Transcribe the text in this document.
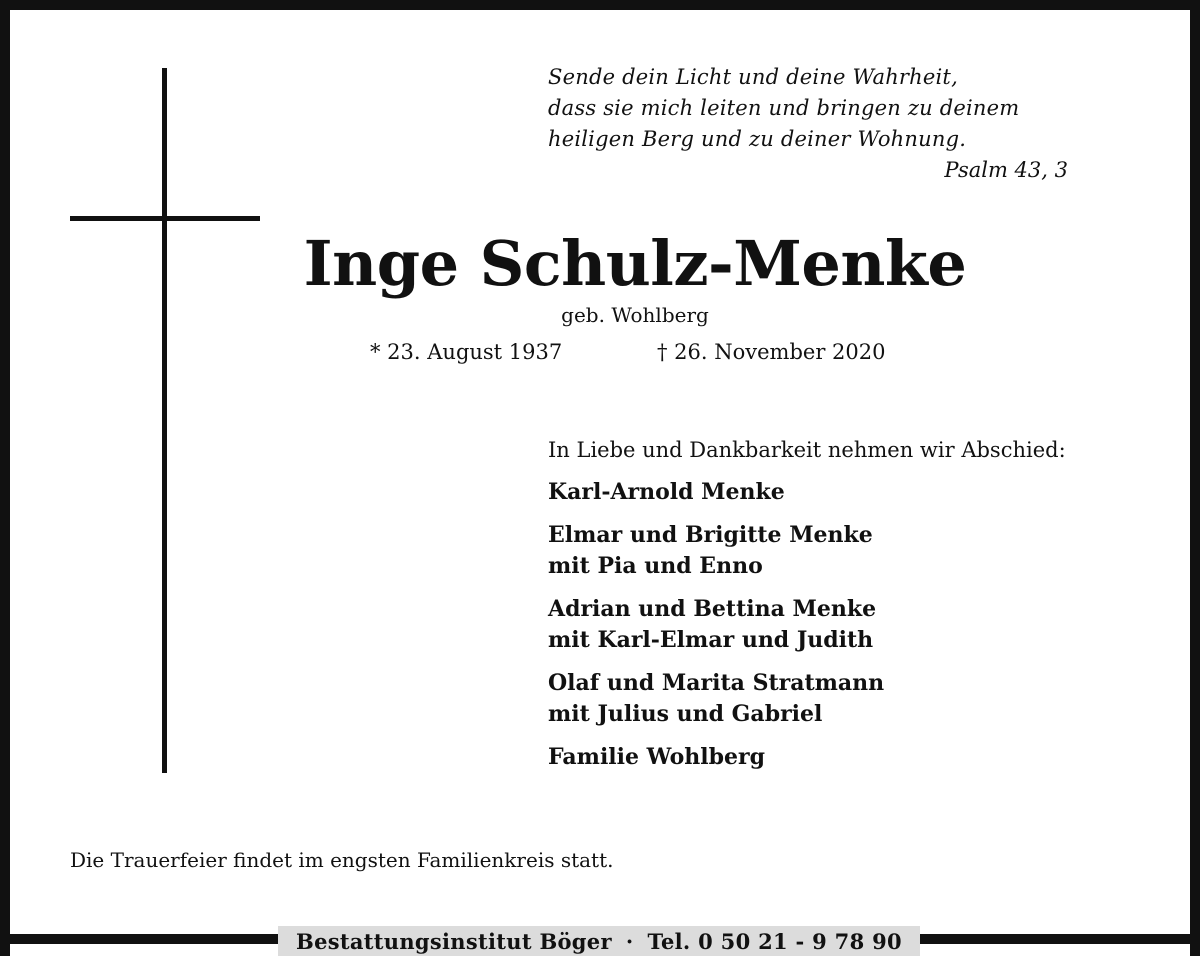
Sende dein Licht und deine Wahrheit,
dass sie mich leiten und bringen zu deinem
heiligen Berg und zu deiner Wohnung.
Psalm 43, 3
Inge Schulz-Menke
geb. Wohlberg
* 23. August 1937	† 26. November 2020
In Liebe und Dankbarkeit nehmen wir Abschied:
Karl-Arnold Menke
Elmar und Brigitte Menke
mit Pia und Enno
Adrian und Bettina Menke
mit Karl-Elmar und Judith
Olaf und Marita Stratmann
mit Julius und Gabriel
Familie Wohlberg
Die Trauerfeier findet im engsten Familienkreis statt.
Bestattungsinstitut Böger · Tel. 0 50 21 - 9 78 90
